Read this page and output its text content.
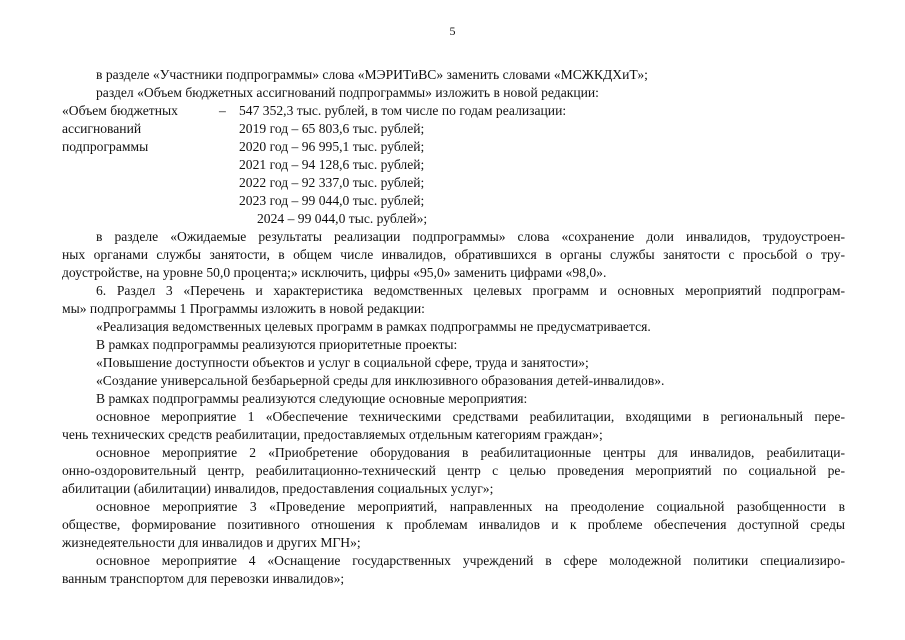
5
в разделе «Участники подпрограммы» слова «МЭРИТиВС» заменить словами «МСЖКДХиТ»;
раздел «Объем бюджетных ассигнований подпрограммы» изложить в новой редакции:
«Объем бюджетных
ассигнований
подпрограммы
– 547 352,3 тыс. рублей, в том числе по годам реализации:
2019 год – 65 803,6 тыс. рублей;
2020 год – 96 995,1 тыс. рублей;
2021 год – 94 128,6 тыс. рублей;
2022 год – 92 337,0 тыс. рублей;
2023 год – 99 044,0 тыс. рублей;
2024 – 99 044,0 тыс. рублей»;
в разделе «Ожидаемые результаты реализации подпрограммы» слова «сохранение доли инвалидов, трудоустроен-
ных органами службы занятости, в общем числе инвалидов, обратившихся в органы службы занятости с просьбой о тру-
доустройстве, на уровне 50,0 процента;» исключить, цифры «95,0» заменить цифрами «98,0».
6. Раздел 3 «Перечень и характеристика ведомственных целевых программ и основных мероприятий подпрограм-
мы» подпрограммы 1 Программы изложить в новой редакции:
«Реализация ведомственных целевых программ в рамках подпрограммы не предусматривается.
В рамках подпрограммы реализуются приоритетные проекты:
«Повышение доступности объектов и услуг в социальной сфере, труда и занятости»;
«Создание универсальной безбарьерной среды для инклюзивного образования детей-инвалидов».
В рамках подпрограммы реализуются следующие основные мероприятия:
основное мероприятие 1 «Обеспечение техническими средствами реабилитации, входящими в региональный пере-
чень технических средств реабилитации, предоставляемых отдельным категориям граждан»;
основное мероприятие 2 «Приобретение оборудования в реабилитационные центры для инвалидов, реабилитаци-
онно-оздоровительный центр, реабилитационно-технический центр с целью проведения мероприятий по социальной ре-
абилитации (абилитации) инвалидов, предоставления социальных услуг»;
основное мероприятие 3 «Проведение мероприятий, направленных на преодоление социальной разобщенности в
обществе, формирование позитивного отношения к проблемам инвалидов и к проблеме обеспечения доступной среды
жизнедеятельности для инвалидов и других МГН»;
основное мероприятие 4 «Оснащение государственных учреждений в сфере молодежной политики специализиро-
ванным транспортом для перевозки инвалидов»;
